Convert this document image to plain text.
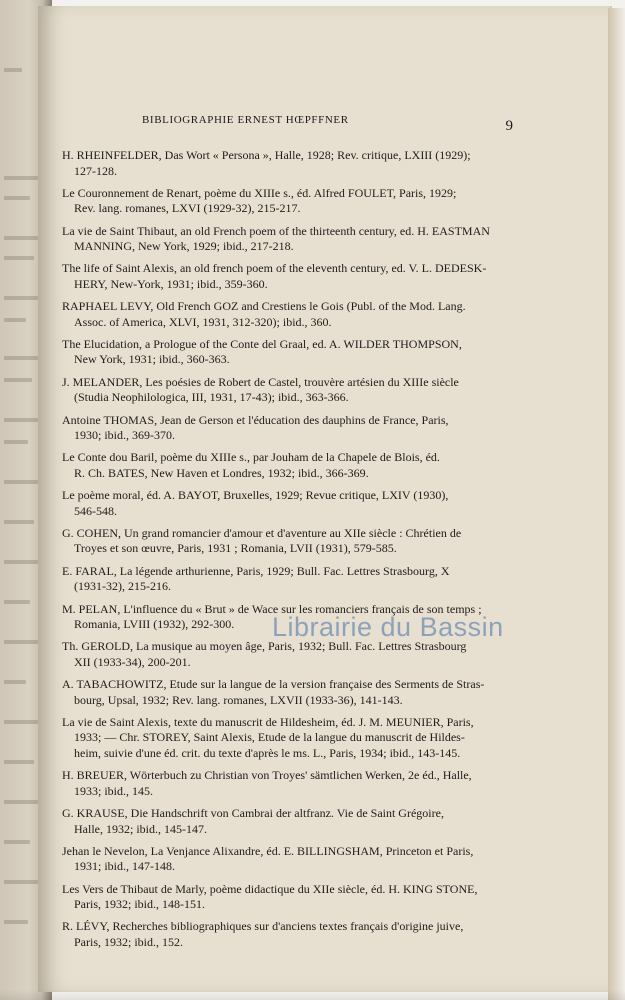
BIBLIOGRAPHIE ERNEST HŒPFFNER	9
H. RHEINFELDER, Das Wort « Persona », Halle, 1928; Rev. critique, LXIII (1929);
127-128.
Le Couronnement de Renart, poème du XIIIe s., éd. Alfred FOULET, Paris, 1929;
Rev. lang. romanes, LXVI (1929-32), 215-217.
La vie de Saint Thibaut, an old French poem of the thirteenth century, ed. H. EASTMAN
MANNING, New York, 1929; ibid., 217-218.
The life of Saint Alexis, an old french poem of the eleventh century, ed. V. L. DEDESK-
HERY, New-York, 1931; ibid., 359-360.
RAPHAEL LEVY, Old French GOZ and Crestiens le Gois (Publ. of the Mod. Lang.
Assoc. of America, XLVI, 1931, 312-320); ibid., 360.
The Elucidation, a Prologue of the Conte del Graal, ed. A. WILDER THOMPSON,
New York, 1931; ibid., 360-363.
J. MELANDER, Les poésies de Robert de Castel, trouvère artésien du XIIIe siècle
(Studia Neophilologica, III, 1931, 17-43); ibid., 363-366.
Antoine THOMAS, Jean de Gerson et l'éducation des dauphins de France, Paris,
1930; ibid., 369-370.
Le Conte dou Baril, poème du XIIIe s., par Jouham de la Chapele de Blois, éd.
R. Ch. BATES, New Haven et Londres, 1932; ibid., 366-369.
Le poème moral, éd. A. BAYOT, Bruxelles, 1929; Revue critique, LXIV (1930),
546-548.
G. COHEN, Un grand romancier d'amour et d'aventure au XIIe siècle : Chrétien de
Troyes et son œuvre, Paris, 1931 ; Romania, LVII (1931), 579-585.
E. FARAL, La légende arthurienne, Paris, 1929; Bull. Fac. Lettres Strasbourg, X
(1931-32), 215-216.
M. PELAN, L'influence du « Brut » de Wace sur les romanciers français de son temps ;
Romania, LVIII (1932), 292-300.
Th. GEROLD, La musique au moyen âge, Paris, 1932; Bull. Fac. Lettres Strasbourg
XII (1933-34), 200-201.
A. TABACHOWITZ, Etude sur la langue de la version française des Serments de Stras-
bourg, Upsal, 1932; Rev. lang. romanes, LXVII (1933-36), 141-143.
La vie de Saint Alexis, texte du manuscrit de Hildesheim, éd. J. M. MEUNIER, Paris,
1933; — Chr. STOREY, Saint Alexis, Etude de la langue du manuscrit de Hildes-
heim, suivie d'une éd. crit. du texte d'après le ms. L., Paris, 1934; ibid., 143-145.
H. BREUER, Wörterbuch zu Christian von Troyes' sämtlichen Werken, 2e éd., Halle,
1933; ibid., 145.
G. KRAUSE, Die Handschrift von Cambrai der altfranz. Vie de Saint Grégoire,
Halle, 1932; ibid., 145-147.
Jehan le Nevelon, La Venjance Alixandre, éd. E. BILLINGSHAM, Princeton et Paris,
1931; ibid., 147-148.
Les Vers de Thibaut de Marly, poème didactique du XIIe siècle, éd. H. KING STONE,
Paris, 1932; ibid., 148-151.
R. LÉVY, Recherches bibliographiques sur d'anciens textes français d'origine juive,
Paris, 1932; ibid., 152.
Librairie du Bassin
